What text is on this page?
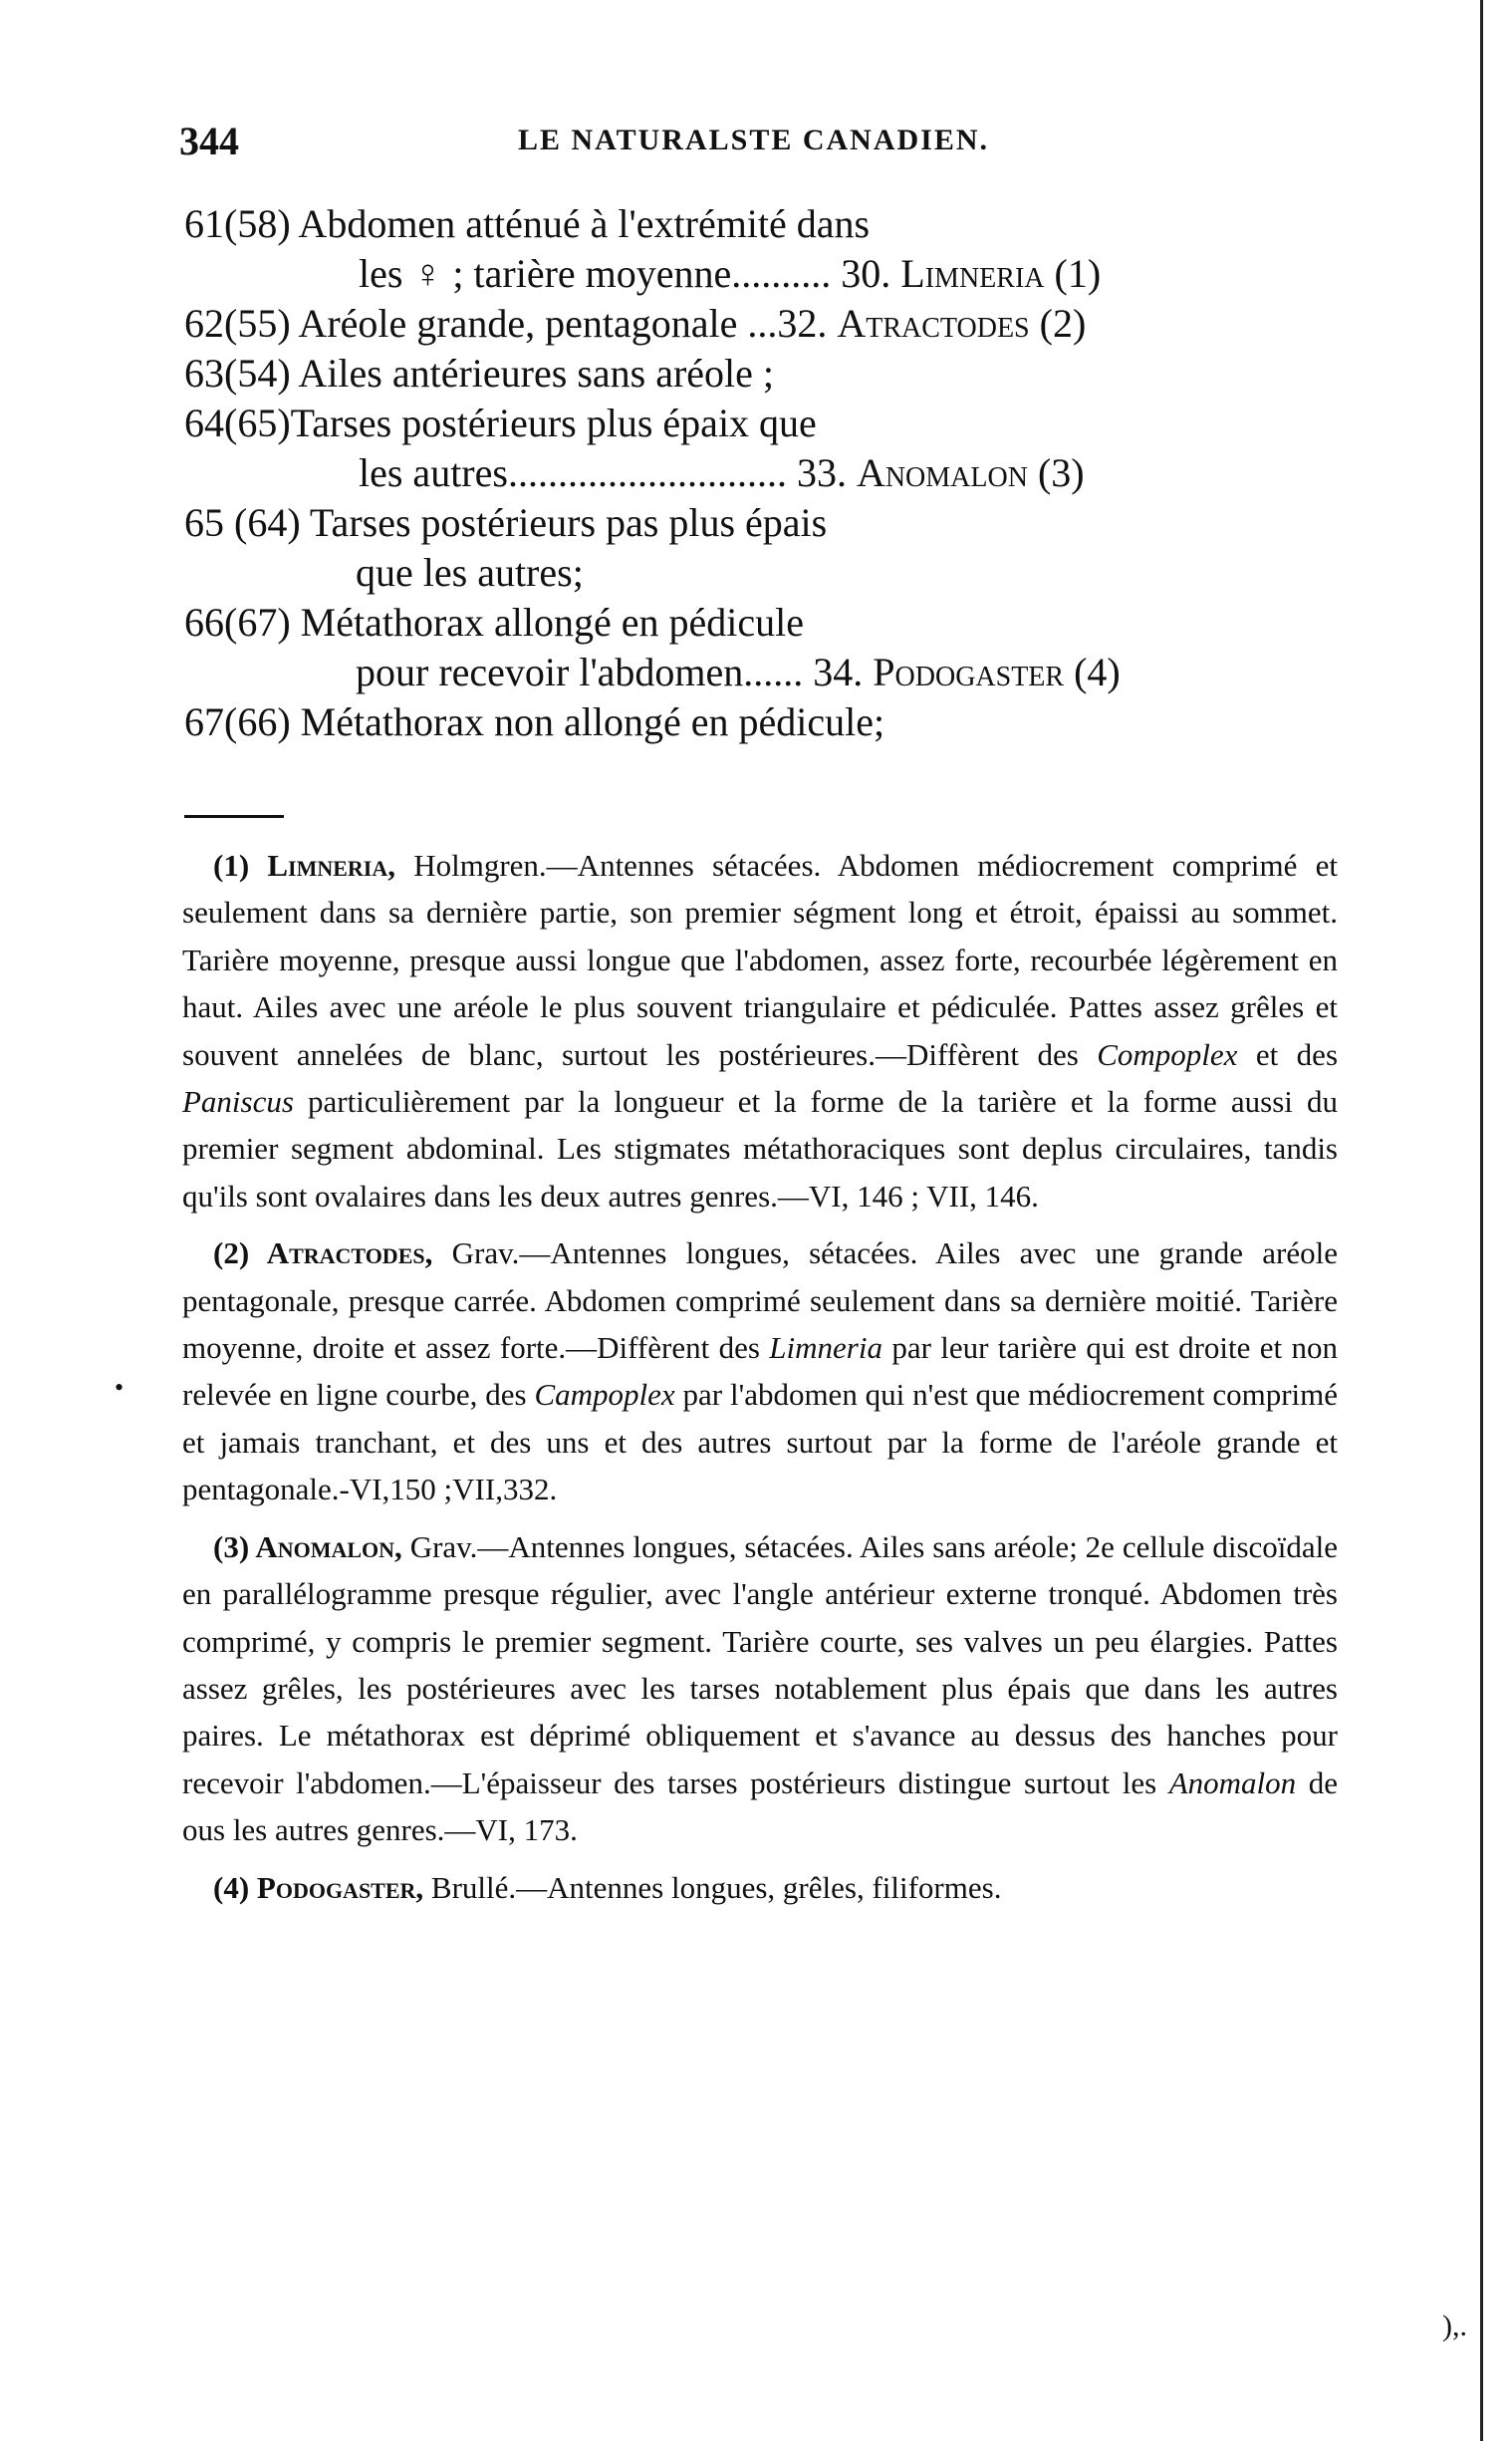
344	LE NATURALSTE CANADIEN.
61(58) Abdomen atténué à l'extrémité dans
les ♀ ; tarière moyenne.......... 30. Limneria (1)
62(55) Aréole grande, pentagonale ...32. Atractodes (2)
63(54) Ailes antérieures sans aréole ;
64(65)Tarses postérieurs plus épaix que
les autres............................ 33. Anomalon (3)
65 (64) Tarses postérieurs pas plus épais
que les autres;
66(67) Métathorax allongé en pédicule
pour recevoir l'abdomen...... 34. Podogaster (4)
67(66) Métathorax non allongé en pédicule;

 (1) Limneria, Holmgren.—Antennes sétacées. Abdomen médiocrement comprimé et seulement dans sa dernière partie, son premier ségment long et étroit, épaissi au sommet. Tarière moyenne, presque aussi longue que l'abdomen, assez forte, recourbée légèrement en haut. Ailes avec une aréole le plus souvent triangulaire et pédiculée. Pattes assez grêles et souvent annelées de blanc, surtout les postérieures.—Diffèrent des Compoplex et des Paniscus particulièrement par la longueur et la forme de la tarière et la forme aussi du premier segment abdominal. Les stigmates métathoraciques sont deplus circulaires, tandis qu'ils sont ovalaires dans les deux autres genres.—VI, 146 ; VII, 146.

 (2) Atractodes, Grav.—Antennes longues, sétacées. Ailes avec une grande aréole pentagonale, presque carrée. Abdomen comprimé seulement dans sa dernière moitié. Tarière moyenne, droite et assez forte.—Diffèrent des Limneria par leur tarière qui est droite et non relevée en ligne courbe, des Campoplex par l'abdomen qui n'est que médiocrement comprimé et jamais tranchant, et des uns et des autres surtout par la forme de l'aréole grande et pentagonale.-VI,150 ;VII,332.

 (3) Anomalon, Grav.—Antennes longues, sétacées. Ailes sans aréole; 2e cellule discoïdale en parallélogramme presque régulier, avec l'angle antérieur externe tronqué. Abdomen très comprimé, y compris le premier segment. Tarière courte, ses valves un peu élargies. Pattes assez grêles, les postérieures avec les tarses notablement plus épais que dans les autres paires. Le métathorax est déprimé obliquement et s'avance au dessus des hanches pour recevoir l'abdomen.—L'épaisseur des tarses postérieurs distingue surtout les Anomalon de ous les autres genres.—VI, 173.

 (4) Podogaster, Brullé.—Antennes longues, grêles, filiformes.

•
),.
